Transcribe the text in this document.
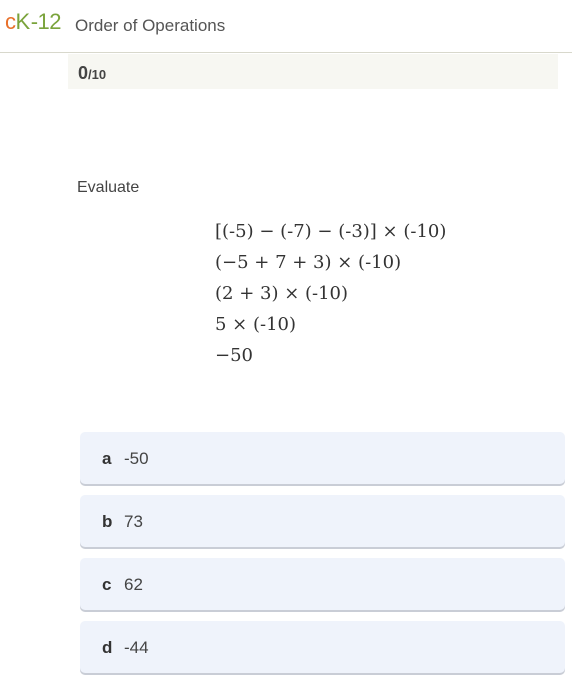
c K -12 Order of Operations
0/10
Evaluate
[(-5) − (-7) − (-3)] × (-10)
(−5 + 7 + 3) × (-10)
(2 + 3) × (-10)
5 × (-10)
−50
a -50
b 73
c 62
d -44
